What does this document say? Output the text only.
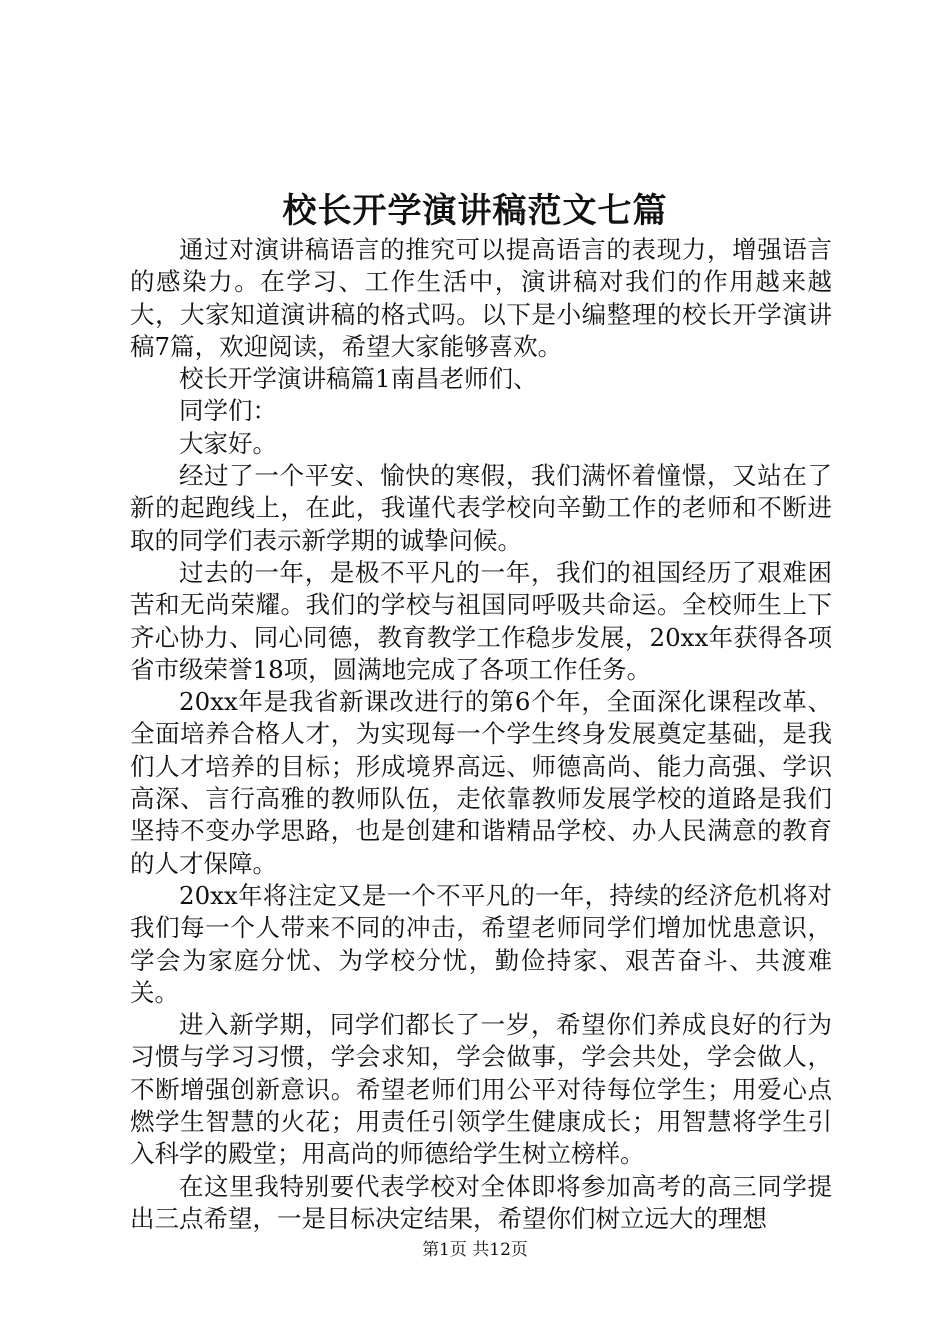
校长开学演讲稿范文七篇

通过对演讲稿语言的推究可以提高语言的表现力，增强语言的感染力。在学习、工作生活中，演讲稿对我们的作用越来越大，大家知道演讲稿的格式吗。以下是小编整理的校长开学演讲稿7篇，欢迎阅读，希望大家能够喜欢。

校长开学演讲稿篇1南昌老师们、

同学们：

大家好。

经过了一个平安、愉快的寒假，我们满怀着憧憬，又站在了新的起跑线上，在此，我谨代表学校向辛勤工作的老师和不断进取的同学们表示新学期的诚挚问候。

过去的一年，是极不平凡的一年，我们的祖国经历了艰难困苦和无尚荣耀。我们的学校与祖国同呼吸共命运。全校师生上下齐心协力、同心同德，教育教学工作稳步发展，20xx年获得各项省市级荣誉18项，圆满地完成了各项工作任务。

20xx年是我省新课改进行的第6个年，全面深化课程改革、全面培养合格人才，为实现每一个学生终身发展奠定基础，是我们人才培养的目标；形成境界高远、师德高尚、能力高强、学识高深、言行高雅的教师队伍，走依靠教师发展学校的道路是我们坚持不变办学思路，也是创建和谐精品学校、办人民满意的教育的人才保障。

20xx年将注定又是一个不平凡的一年，持续的经济危机将对我们每一个人带来不同的冲击，希望老师同学们增加忧患意识，学会为家庭分忧、为学校分忧，勤俭持家、艰苦奋斗、共渡难关。

进入新学期，同学们都长了一岁，希望你们养成良好的行为习惯与学习习惯，学会求知，学会做事，学会共处，学会做人，不断增强创新意识。希望老师们用公平对待每位学生；用爱心点燃学生智慧的火花；用责任引领学生健康成长；用智慧将学生引入科学的殿堂；用高尚的师德给学生树立榜样。

在这里我特别要代表学校对全体即将参加高考的高三同学提出三点希望，一是目标决定结果，希望你们树立远大的理想

第1页 共12页
